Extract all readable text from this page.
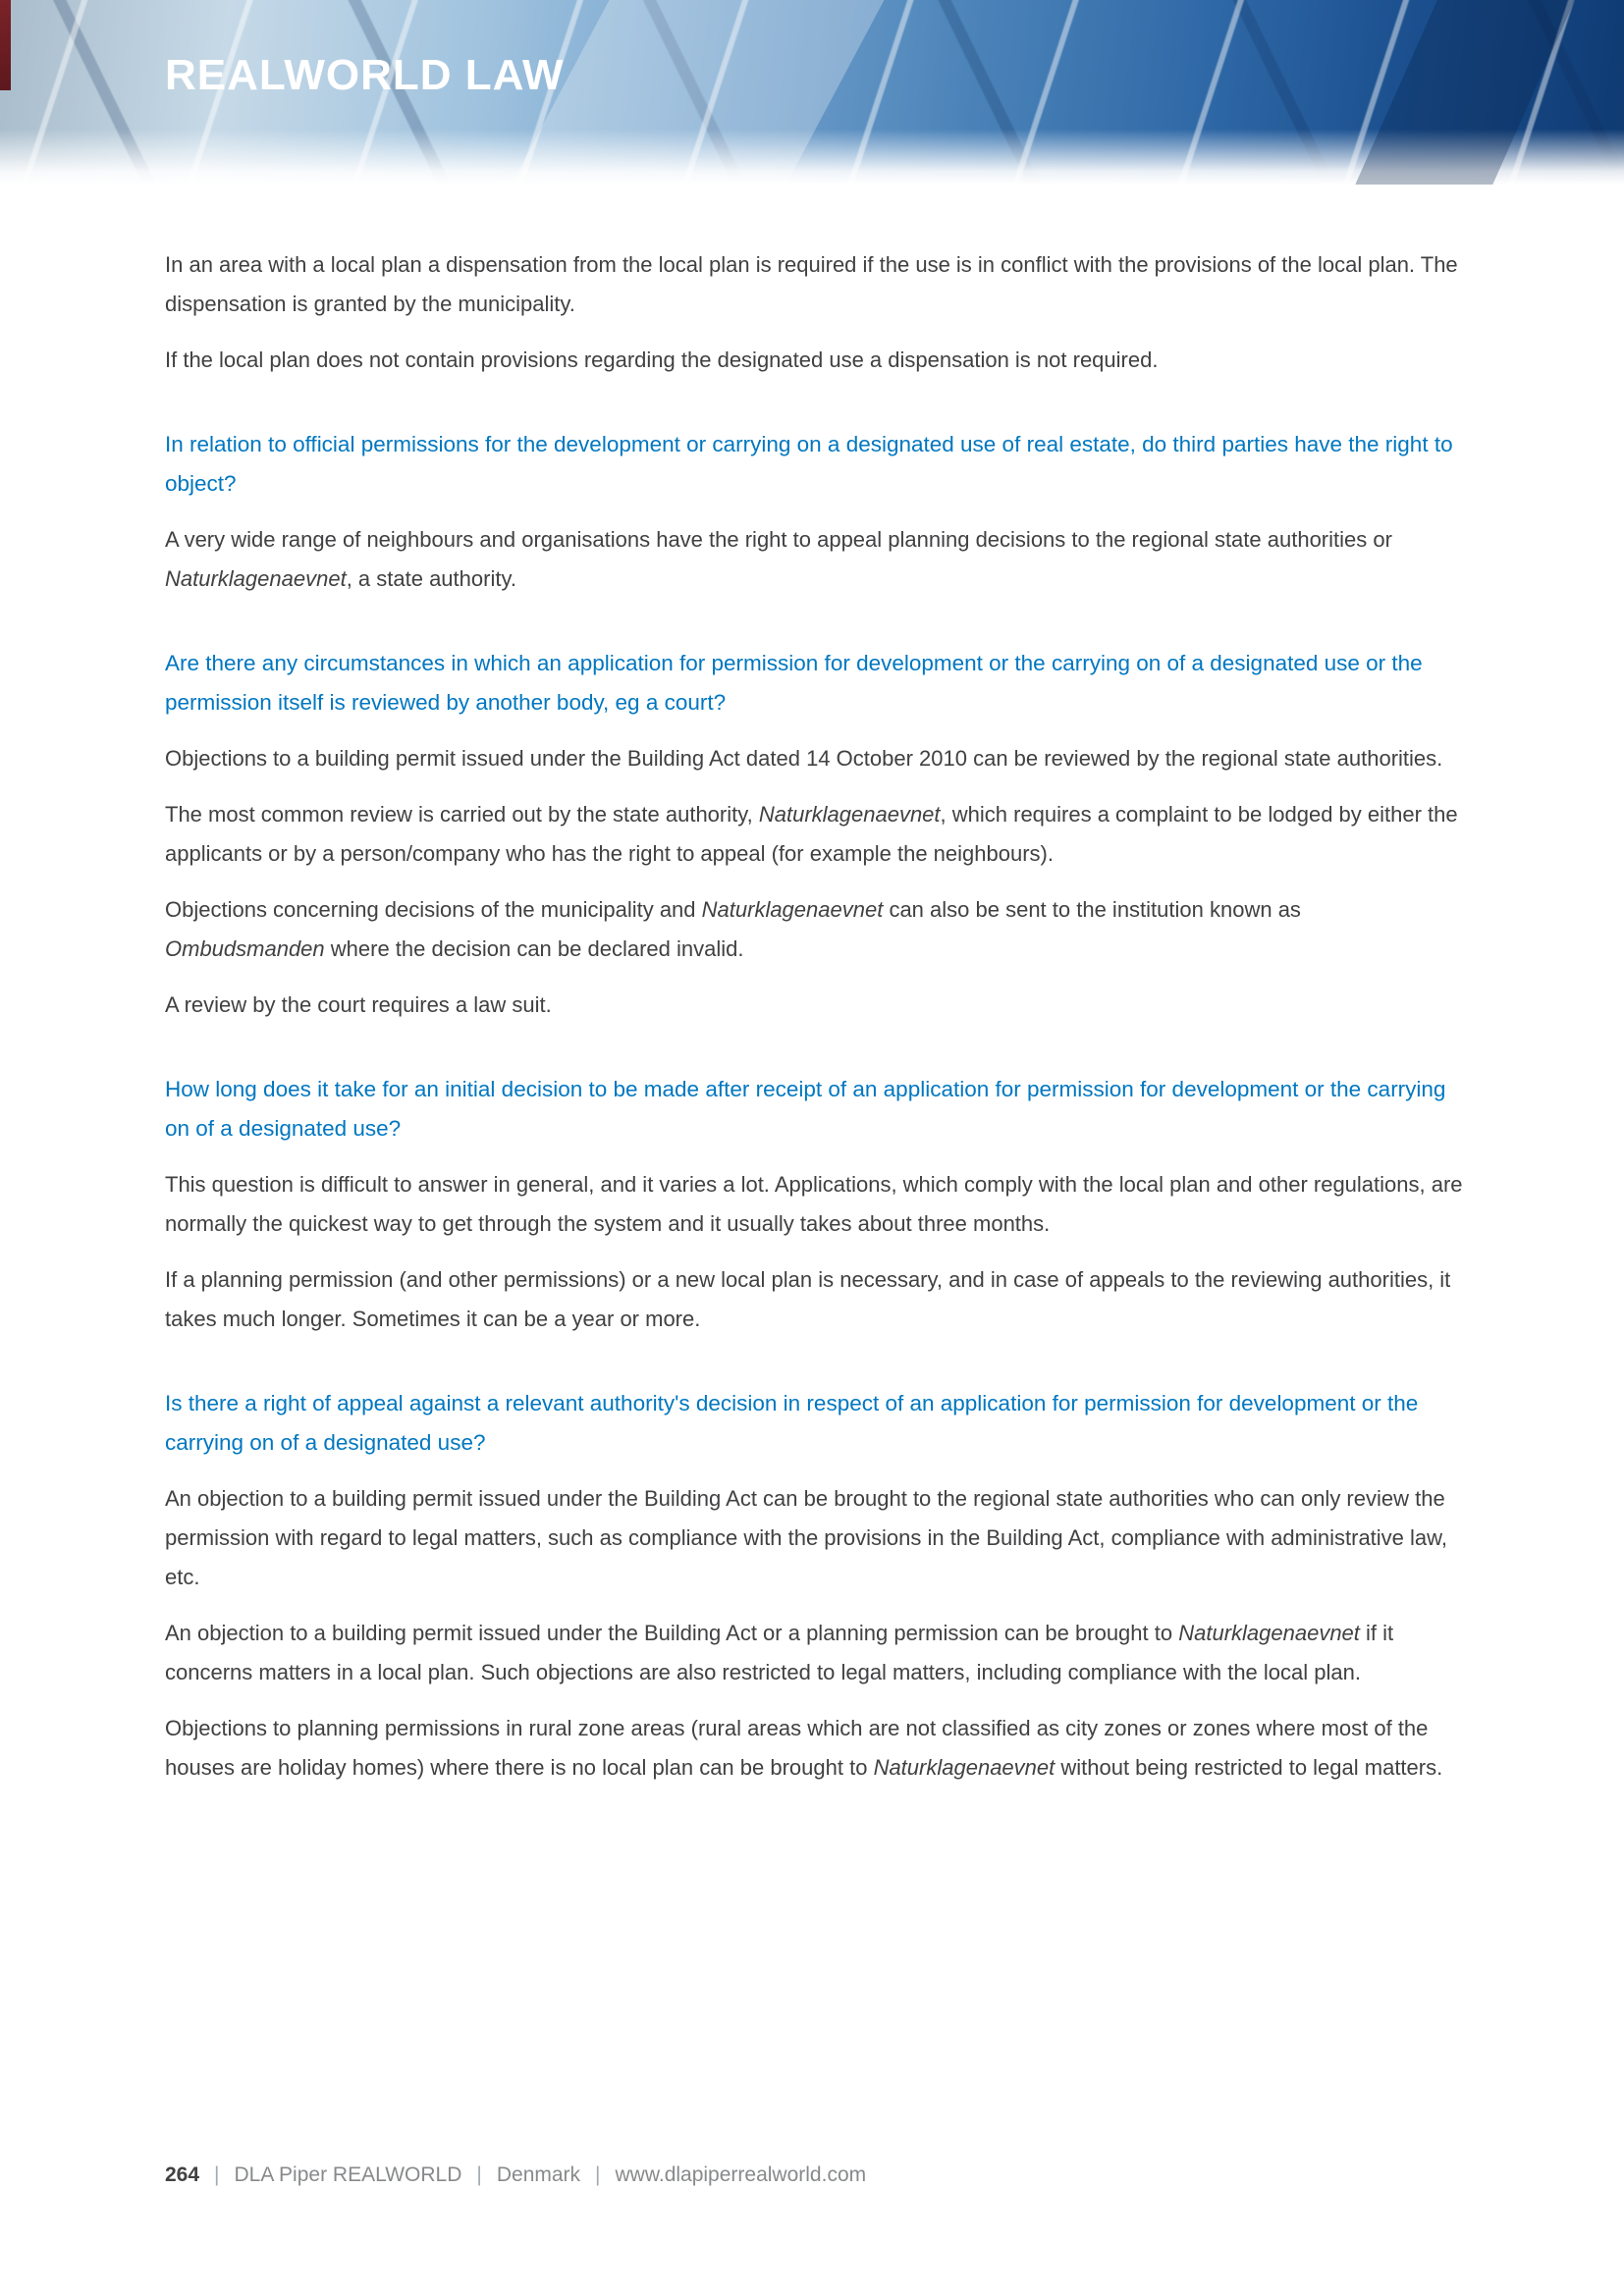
REALWORLD LAW

In an area with a local plan a dispensation from the local plan is required if the use is in conflict with the provisions of the local plan. The dispensation is granted by the municipality.

If the local plan does not contain provisions regarding the designated use a dispensation is not required.

In relation to official permissions for the development or carrying on a designated use of real estate, do third parties have the right to object?

A very wide range of neighbours and organisations have the right to appeal planning decisions to the regional state authorities or Naturklagenaevnet, a state authority.

Are there any circumstances in which an application for permission for development or the carrying on of a designated use or the permission itself is reviewed by another body, eg a court?

Objections to a building permit issued under the Building Act dated 14 October 2010 can be reviewed by the regional state authorities.

The most common review is carried out by the state authority, Naturklagenaevnet, which requires a complaint to be lodged by either the applicants or by a person/company who has the right to appeal (for example the neighbours).

Objections concerning decisions of the municipality and Naturklagenaevnet can also be sent to the institution known as Ombudsmanden where the decision can be declared invalid.

A review by the court requires a law suit.

How long does it take for an initial decision to be made after receipt of an application for permission for development or the carrying on of a designated use?

This question is difficult to answer in general, and it varies a lot. Applications, which comply with the local plan and other regulations, are normally the quickest way to get through the system and it usually takes about three months.

If a planning permission (and other permissions) or a new local plan is necessary, and in case of appeals to the reviewing authorities, it takes much longer. Sometimes it can be a year or more.

Is there a right of appeal against a relevant authority's decision in respect of an application for permission for development or the carrying on of a designated use?

An objection to a building permit issued under the Building Act can be brought to the regional state authorities who can only review the permission with regard to legal matters, such as compliance with the provisions in the Building Act, compliance with administrative law, etc.

An objection to a building permit issued under the Building Act or a planning permission can be brought to Naturklagenaevnet if it concerns matters in a local plan. Such objections are also restricted to legal matters, including compliance with the local plan.

Objections to planning permissions in rural zone areas (rural areas which are not classified as city zones or zones where most of the houses are holiday homes) where there is no local plan can be brought to Naturklagenaevnet without being restricted to legal matters.

264 | DLA Piper REALWORLD | Denmark | www.dlapiperrealworld.com
